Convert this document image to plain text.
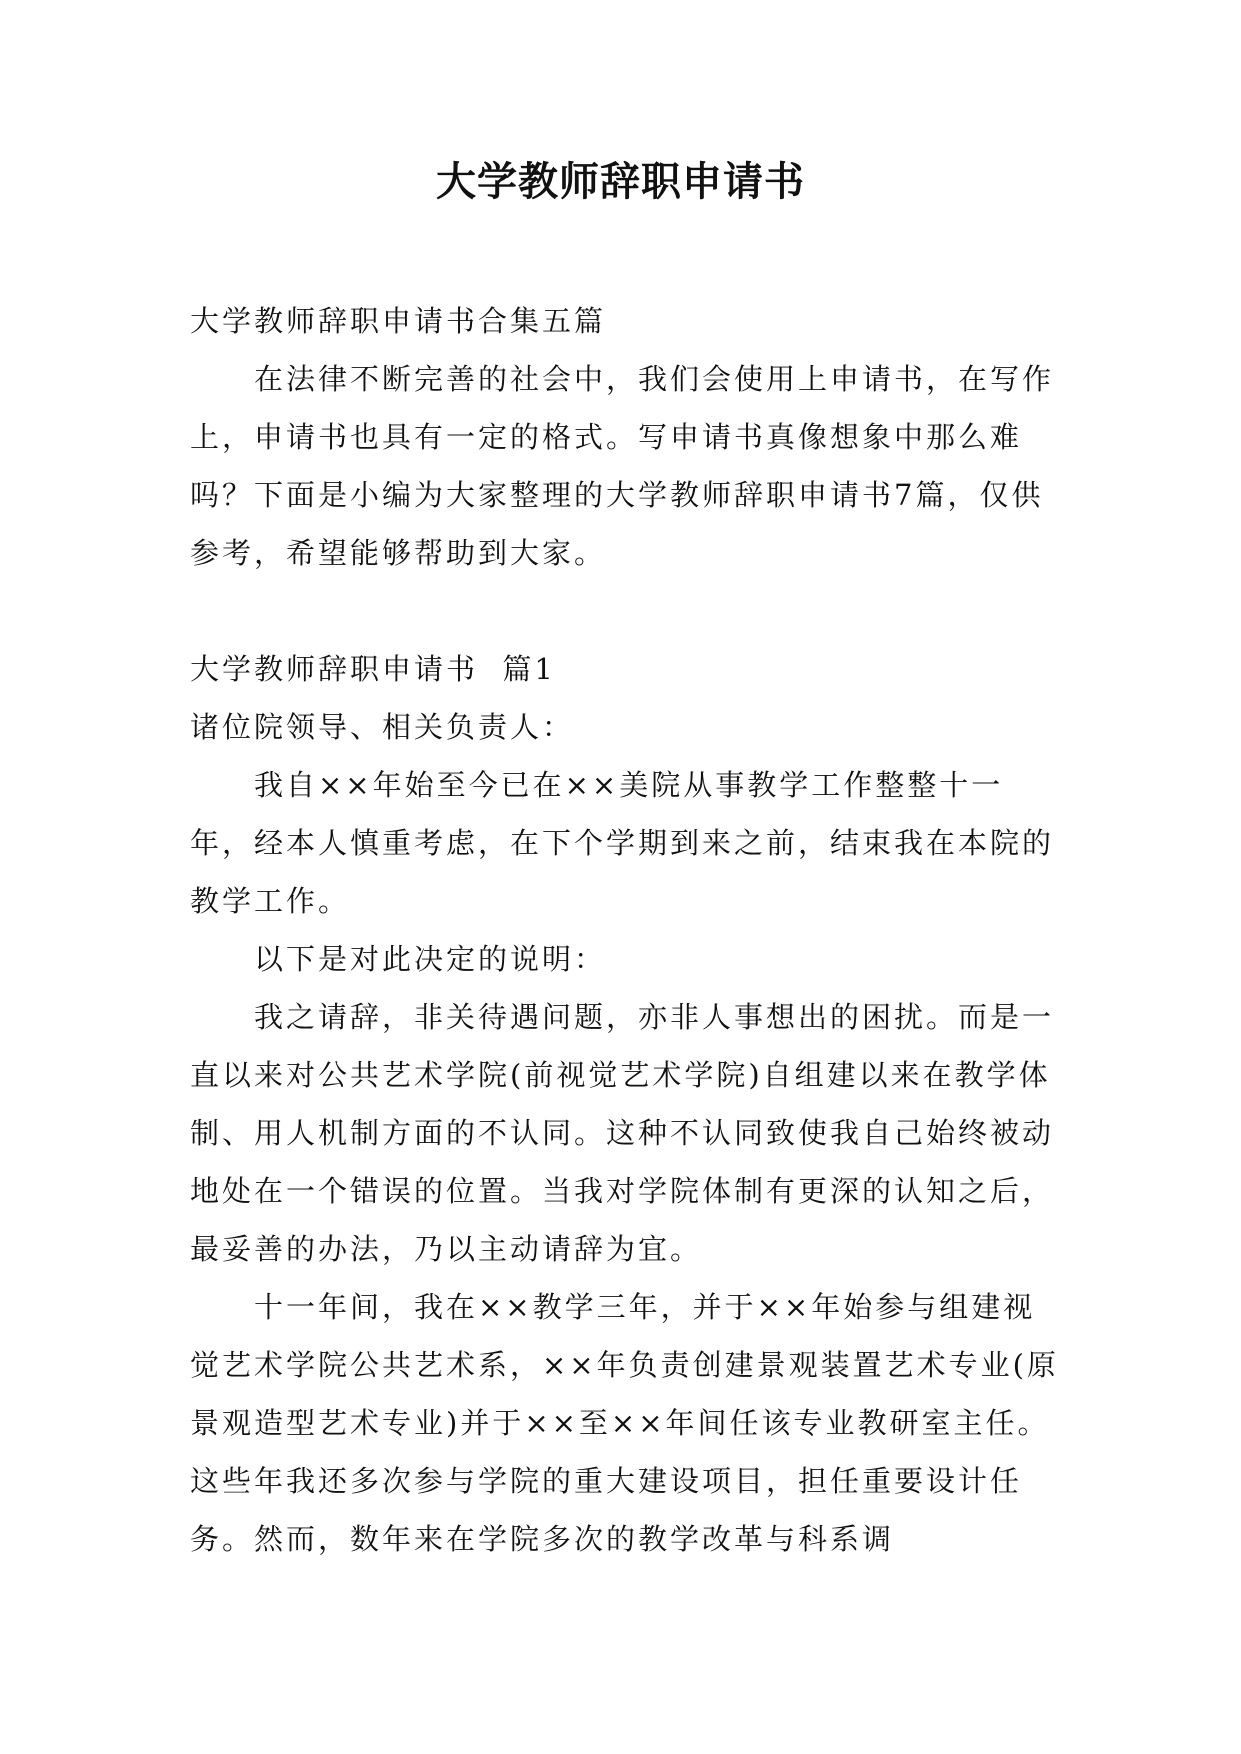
大学教师辞职申请书

大学教师辞职申请书合集五篇

在法律不断完善的社会中，我们会使用上申请书，在写作上，申请书也具有一定的格式。写申请书真像想象中那么难吗？下面是小编为大家整理的大学教师辞职申请书7篇，仅供参考，希望能够帮助到大家。

大学教师辞职申请书  篇1

诸位院领导、相关负责人：

我自××年始至今已在××美院从事教学工作整整十一年，经本人慎重考虑，在下个学期到来之前，结束我在本院的教学工作。

以下是对此决定的说明：

我之请辞，非关待遇问题，亦非人事想出的困扰。而是一直以来对公共艺术学院(前视觉艺术学院)自组建以来在教学体制、用人机制方面的不认同。这种不认同致使我自己始终被动地处在一个错误的位置。当我对学院体制有更深的认知之后，最妥善的办法，乃以主动请辞为宜。

十一年间，我在××教学三年，并于××年始参与组建视觉艺术学院公共艺术系，××年负责创建景观装置艺术专业(原景观造型艺术专业)并于××至××年间任该专业教研室主任。这些年我还多次参与学院的重大建设项目，担任重要设计任务。然而，数年来在学院多次的教学改革与科系调
